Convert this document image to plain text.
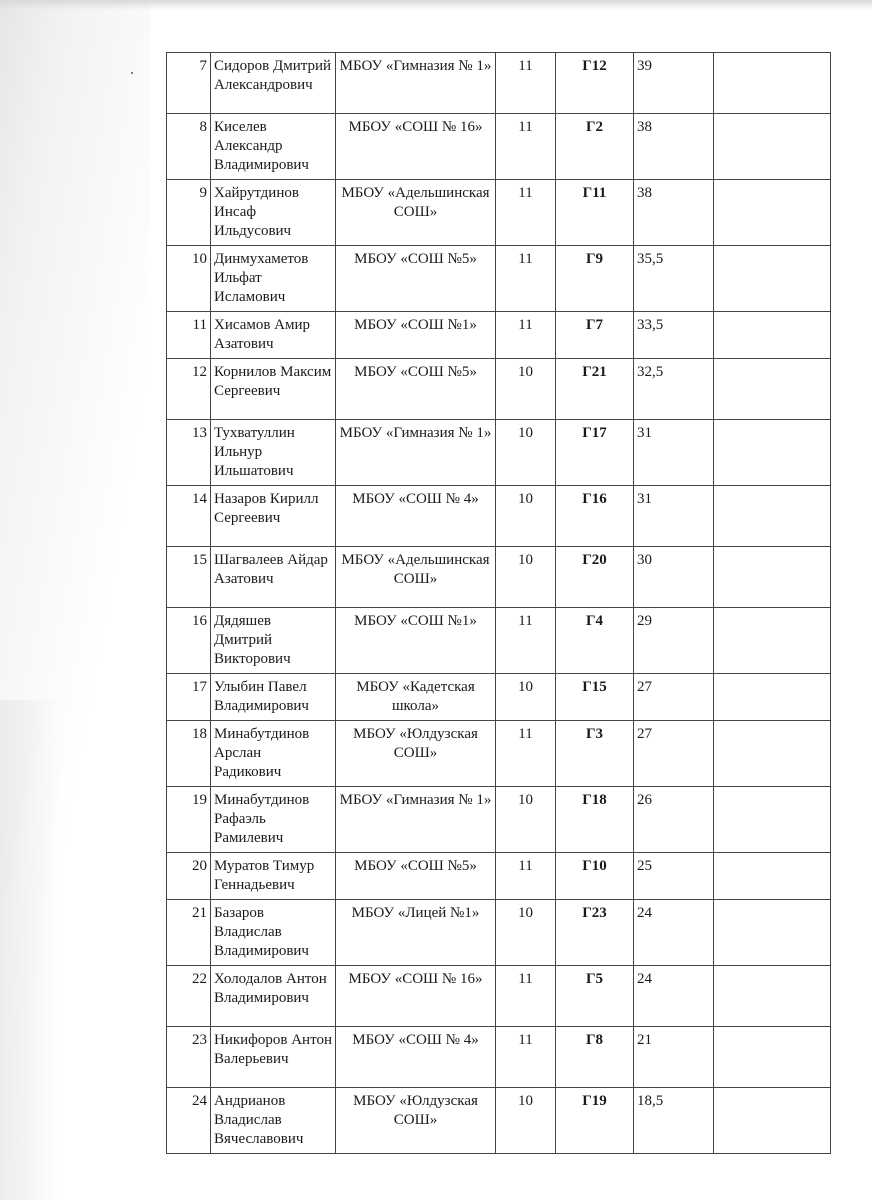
7	Сидоров Дмитрий Александрович	МБОУ «Гимназия № 1»	11	Г12	39	
8	Киселев Александр Владимирович	МБОУ «СОШ № 16»	11	Г2	38	
9	Хайрутдинов Инсаф Ильдусович	МБОУ «Адельшинская СОШ»	11	Г11	38	
10	Динмухаметов Ильфат Исламович	МБОУ «СОШ №5»	11	Г9	35,5	
11	Хисамов Амир Азатович	МБОУ «СОШ №1»	11	Г7	33,5	
12	Корнилов Максим Сергеевич	МБОУ «СОШ №5»	10	Г21	32,5	
13	Тухватуллин Ильнур Ильшатович	МБОУ «Гимназия № 1»	10	Г17	31	
14	Назаров Кирилл Сергеевич	МБОУ «СОШ № 4»	10	Г16	31	
15	Шагвалеев Айдар Азатович	МБОУ «Адельшинская СОШ»	10	Г20	30	
16	Дядяшев Дмитрий Викторович	МБОУ «СОШ №1»	11	Г4	29	
17	Улыбин Павел Владимирович	МБОУ «Кадетская школа»	10	Г15	27	
18	Минабутдинов Арслан Радикович	МБОУ «Юлдузская СОШ»	11	Г3	27	
19	Минабутдинов Рафаэль Рамилевич	МБОУ «Гимназия № 1»	10	Г18	26	
20	Муратов Тимур Геннадьевич	МБОУ «СОШ №5»	11	Г10	25	
21	Базаров Владислав Владимирович	МБОУ «Лицей №1»	10	Г23	24	
22	Холодалов Антон Владимирович	МБОУ «СОШ № 16»	11	Г5	24	
23	Никифоров Антон Валерьевич	МБОУ «СОШ № 4»	11	Г8	21	
24	Андрианов Владислав Вячеславович	МБОУ «Юлдузская СОШ»	10	Г19	18,5	
